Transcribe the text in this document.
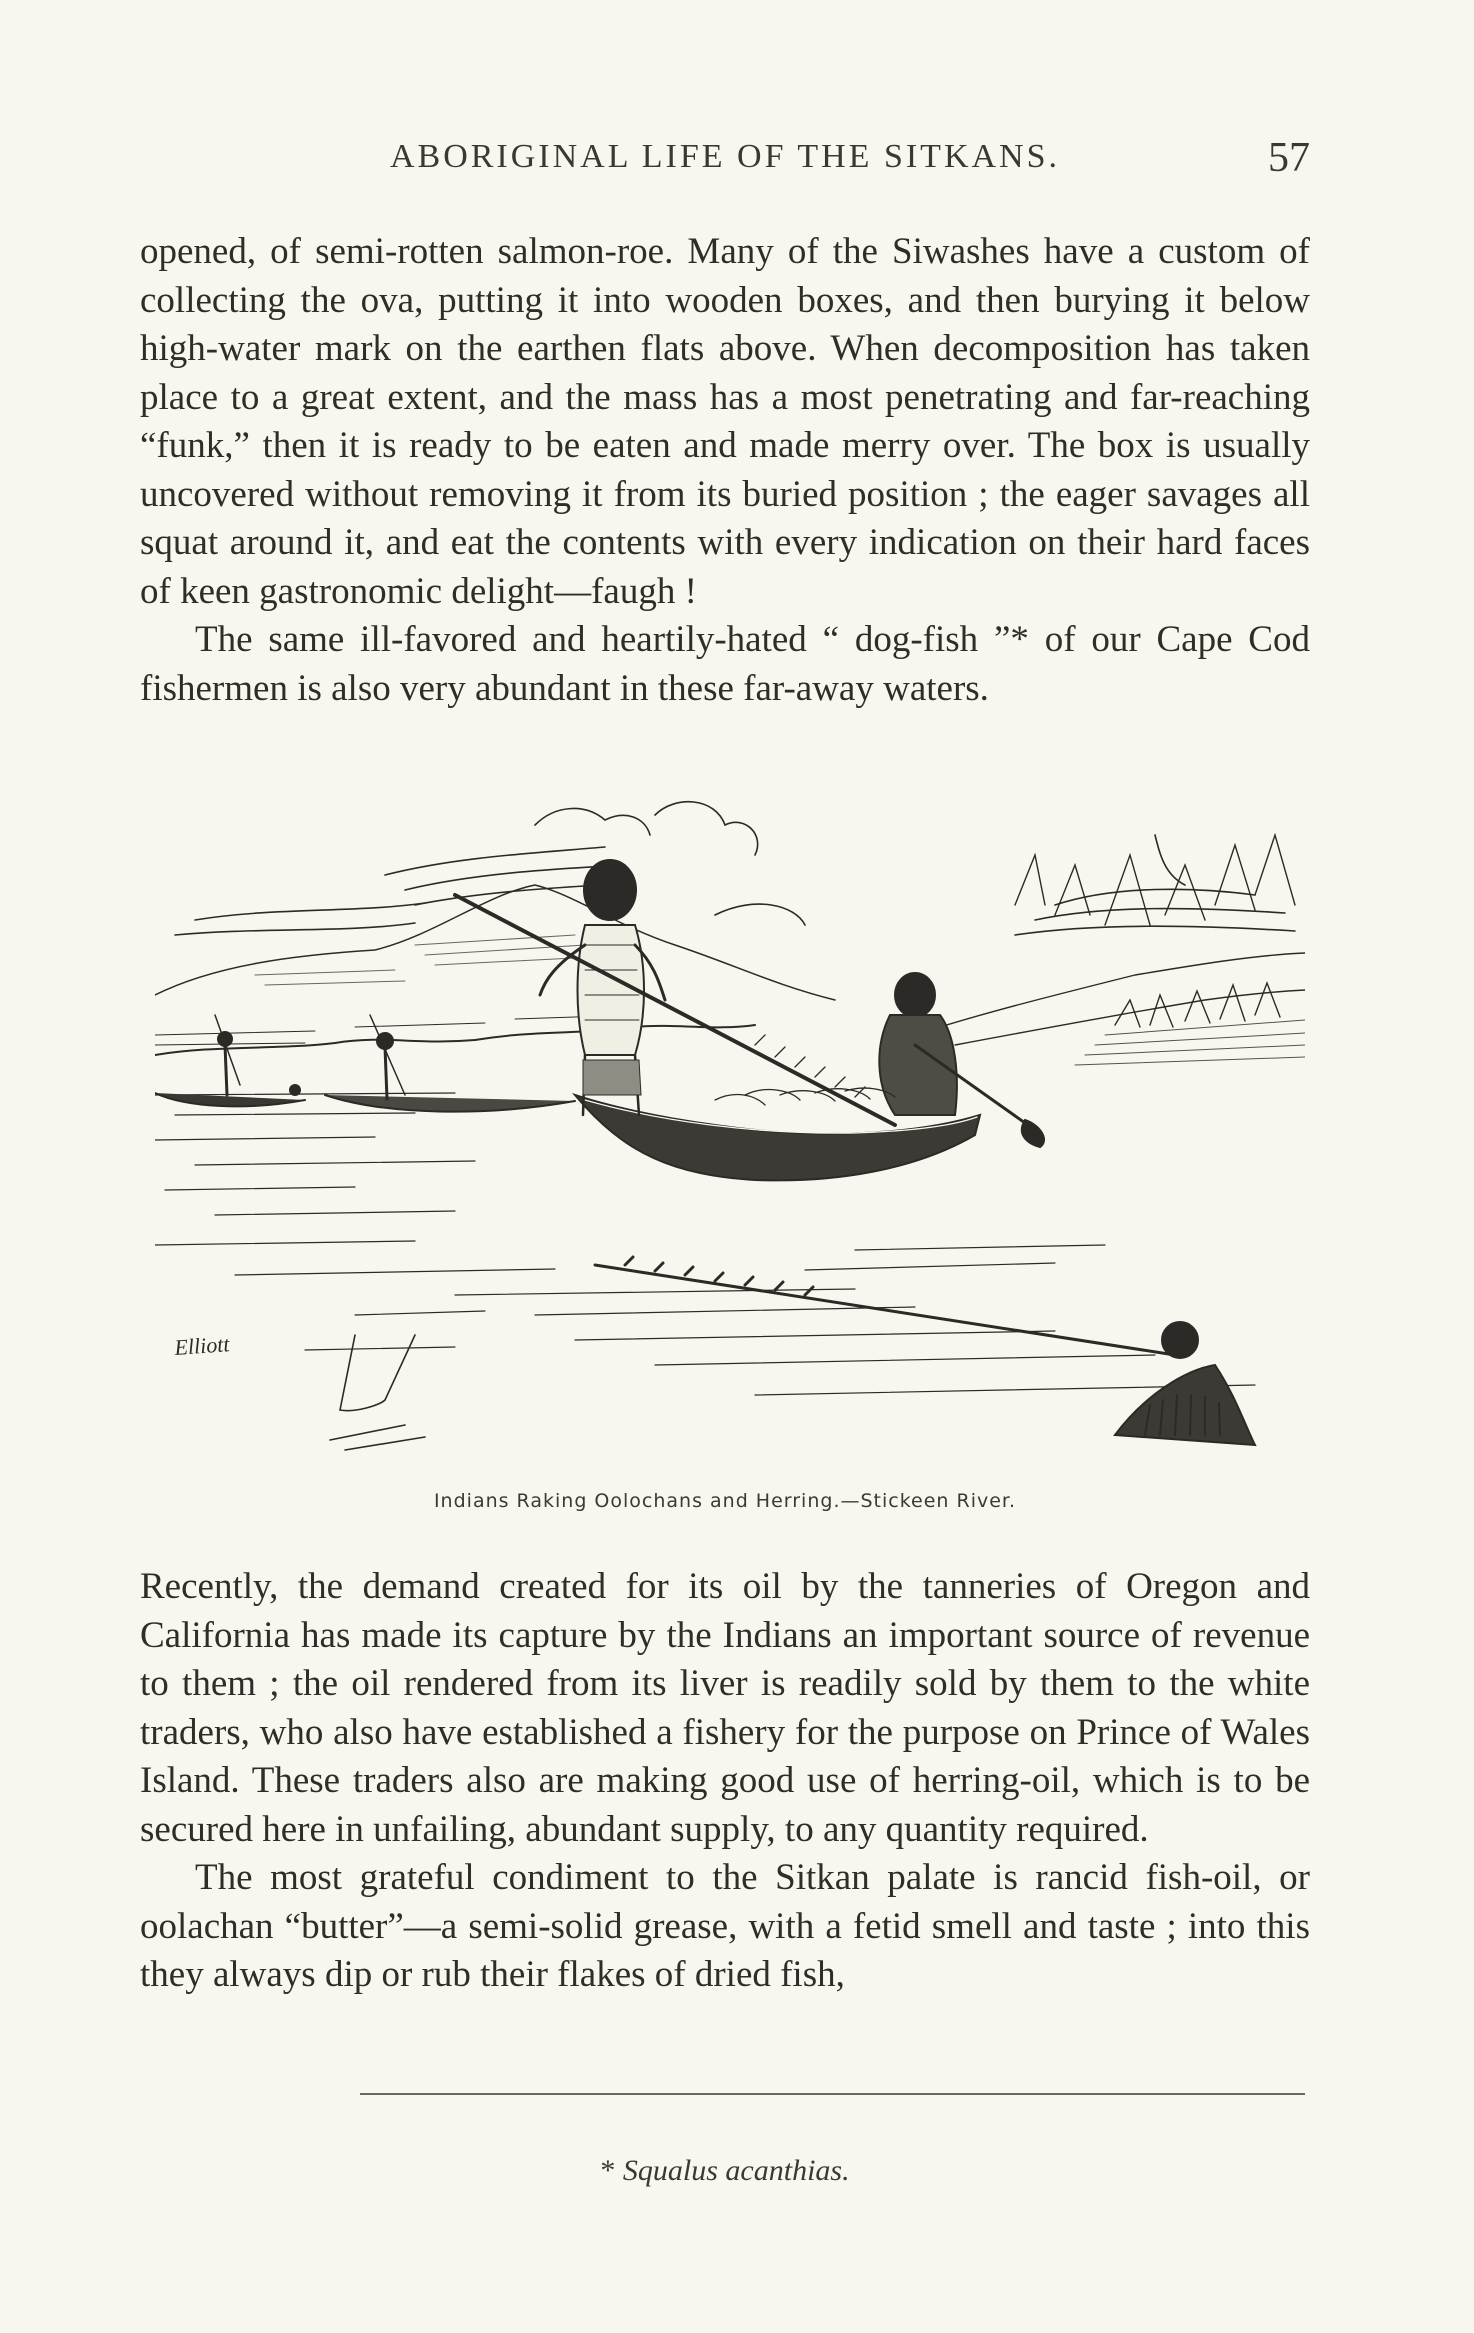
ABORIGINAL LIFE OF THE SITKANS.	57

opened, of semi-rotten salmon-roe. Many of the Siwashes have a custom of collecting the ova, putting it into wooden boxes, and then burying it below high-water mark on the earthen flats above. When decomposition has taken place to a great extent, and the mass has a most penetrating and far-reaching “funk,” then it is ready to be eaten and made merry over. The box is usually uncovered without removing it from its buried position ; the eager savages all squat around it, and eat the contents with every indication on their hard faces of keen gastronomic delight—faugh !

The same ill-favored and heartily-hated “ dog-fish ”* of our Cape Cod fishermen is also very abundant in these far-away waters.

Elliott
Indians Raking Oolochans and Herring.—Stickeen River.

Recently, the demand created for its oil by the tanneries of Oregon and California has made its capture by the Indians an important source of revenue to them ; the oil rendered from its liver is readily sold by them to the white traders, who also have established a fishery for the purpose on Prince of Wales Island. These traders also are making good use of herring-oil, which is to be secured here in unfailing, abundant supply, to any quantity required.

The most grateful condiment to the Sitkan palate is rancid fish-oil, or oolachan “butter”—a semi-solid grease, with a fetid smell and taste ; into this they always dip or rub their flakes of dried fish,

* Squalus acanthias.
